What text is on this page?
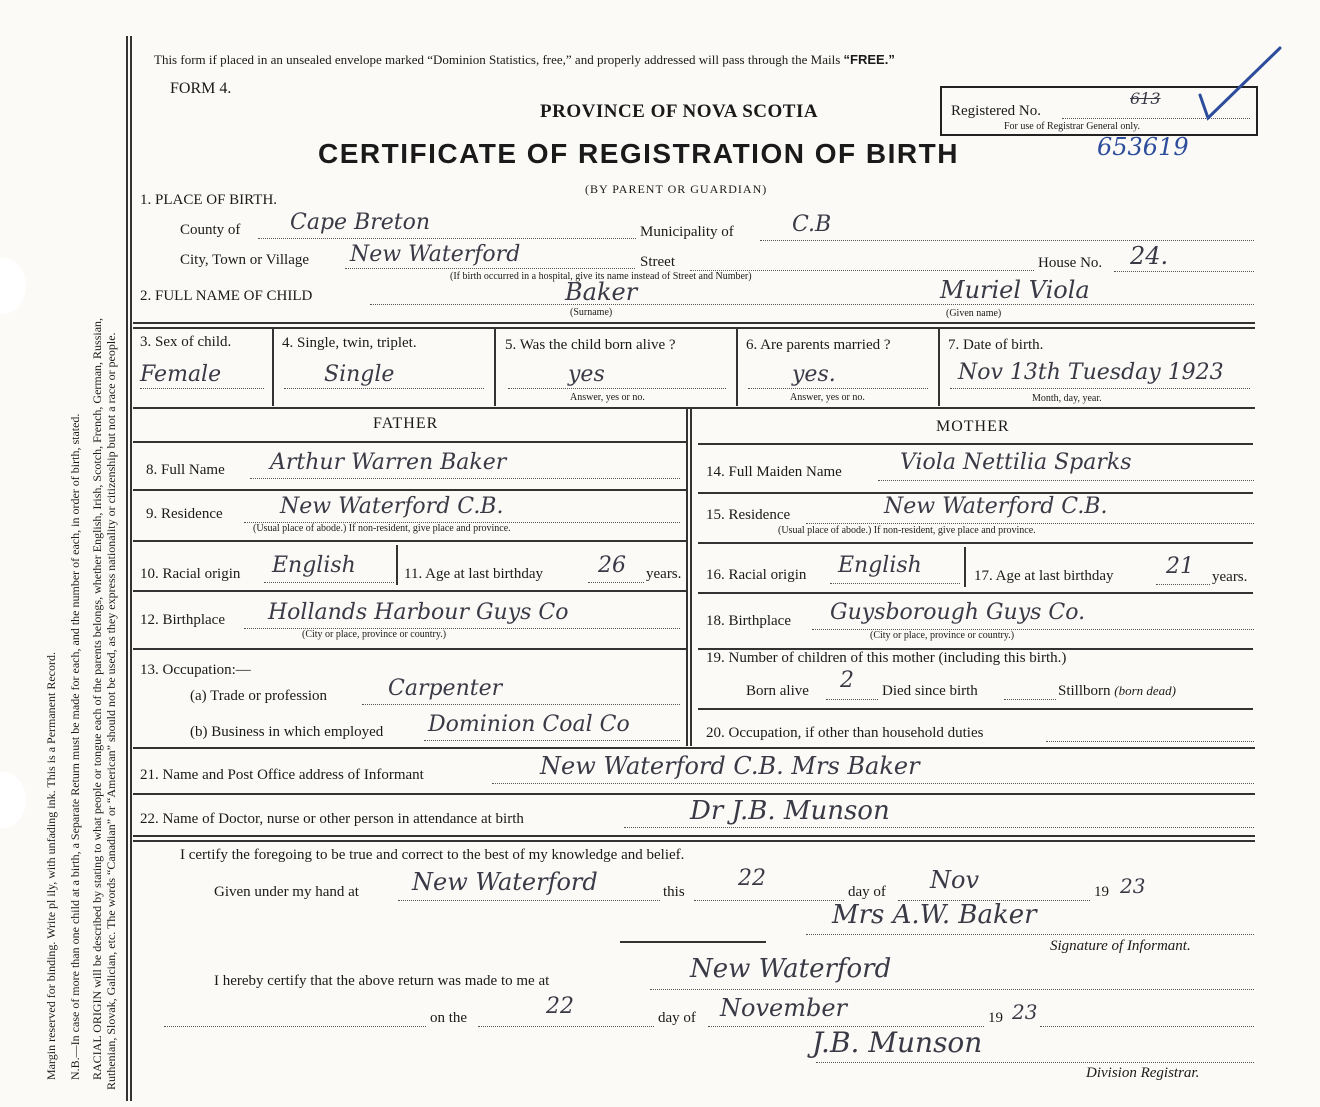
Margin reserved for binding. Write pl ily, with unfading ink. This is a Permanent Record. N.B.—In case of more than one child at a birth, a Separate Return must be made for each, and the number of each, in order of birth, stated. RACIAL ORIGIN will be described by stating to what people or tongue each of the parents belongs, whether English, Irish, Scotch, French, German, Russian, Ruthenian, Slovak, Galician, etc. The words “Canadian” or “American” should not be used, as they express nationality or citizenship but not a race or people.
This form if placed in an unsealed envelope marked “Dominion Statistics, free,” and properly addressed will pass through the Mails “FREE.”
FORM 4.
PROVINCE OF NOVA SCOTIA
CERTIFICATE OF REGISTRATION OF BIRTH
(BY PARENT OR GUARDIAN)
Registered No.
613
For use of Registrar General only.
653619
1. PLACE OF BIRTH.
County of Cape Breton	Municipality of	C.B
City, Town or Village New Waterford	Street
(If birth occurred in a hospital, give its name instead of Street and Number)
House No. 24.
2. FULL NAME OF CHILD	Baker
(Surname)
Muriel Viola
(Given name)
3. Sex of child.
Female
4. Single, twin, triplet.
Single
5. Was the child born alive ?
yes
Answer, yes or no.
6. Are parents married ?
yes.
Answer, yes or no.
7. Date of birth.
Nov 13th Tuesday 1923
Month, day, year.
FATHER	MOTHER
8. Full Name Arthur Warren Baker
9. Residence	New Waterford C.B.
(Usual place of abode.) If non-resident, give place and province.
10. Racial origin English	11. Age at last birthday	26 years.
12. Birthplace Hollands Harbour Guys Co
(City or place, province or country.)
13. Occupation:—
(a) Trade or profession	Carpenter
(b) Business in which employed Dominion Coal Co
14. Full Maiden Name	Viola Nettilia Sparks
15. Residence	New Waterford C.B.
(Usual place of abode.) If non-resident, give place and province.
16. Racial origin English	17. Age at last birthday 21 years.
18. Birthplace Guysborough Guys Co.
(City or place, province or country.)
19. Number of children of this mother (including this birth.)
Born alive 2 Died since birth	Stillborn (born dead)
20. Occupation, if other than household duties
21. Name and Post Office address of Informant	New Waterford C.B. Mrs Baker
22. Name of Doctor, nurse or other person in attendance at birth	Dr J.B. Munson
I certify the foregoing to be true and correct to the best of my knowledge and belief.
Given under my hand at New Waterford	this
22
day of Nov	19 23
Mrs A.W. Baker
Signature of Informant.
I hereby certify that the above return was made to me at	New Waterford
on the	22	day of November	19 23
J.B. Munson
Division Registrar.
